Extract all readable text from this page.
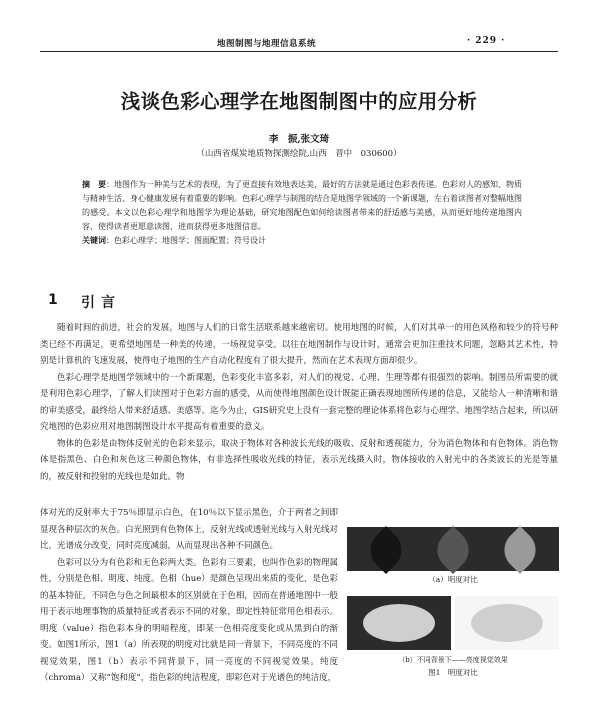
地图制图与地理信息系统	· 229 ·
浅谈色彩心理学在地图制图中的应用分析
李　振,张文琦
（山西省煤炭地质物探测绘院,山西　晋中　030600）

摘　要：地图作为一种美与艺术的表现，为了更直接有效地表达美，最好的方法就是通过色彩表传递。色彩对人的感知、物质与精神生活、身心健康发展有着重要的影响。色彩心理学与制图的结合是地图学领域的一个新课题，左右着读图者对整幅地图的感受。本文以色彩心理学和地图学为理论基础，研究地图配色如何给读图者带来的舒适感与美感，从而更好地传递地图内容，使得读者更愿意读图，进而获得更多地图信息。

关键词：色彩心理学；地图学；图面配置；符号设计

1 引言

随着时间的前进，社会的发展，地图与人们的日常生活联系越来越密切。使用地图的时候，人们对其单一的用色风格和较少的符号种类已经不再满足，更希望地图是一种美的传递，一场视觉享受。以往在地图制作与设计时，通常会更加注重技术问题，忽略其艺术性，特别是计算机的飞速发展，使得电子地图的生产自动化程度有了很大提升，然而在艺术表现方面却很少。

色彩心理学是地图学领域中的一个新课题，色彩变化丰富多彩，对人们的视觉、心理、生理等都有很强烈的影响。制图员所需要的就是利用色彩心理学，了解人们读图对于色彩方面的感受，从而使得地图颜色设计既能正确表现地图所传递的信息，又能给人一种清晰和谐的审美感受，最终给人带来舒适感、美感等。迄今为止，GIS研究史上没有一套完整的理论体系将色彩与心理学、地图学结合起来，所以研究地图的色彩应用对地图制图设计水平提高有着重要的意义。

物体的色彩是由物体反射光的色彩来显示，取决于物体对各种波长光线的吸收、反射和透视能力，分为消色物体和有色物体。消色物体是指黑色、白色和灰色这三种颜色物体，有非选择性吸收光线的特征，表示光线摄入时，物体接收的入射光中的各类波长的光是等量的，被反射和投射的光线也是如此。物

体对光的反射率大于75％即显示白色，在10％以下显示黑色，介于两者之间即显现各种层次的灰色。白光照到有色物体上，反射光线或透射光线与入射光线对比，光谱成分改变，同时亮度减弱，从而显现出各种不同颜色。

色彩可以分为有色彩和无色彩两大类。色彩有三要素，也叫作色彩的物理属性，分别是色相、明度、纯度。色相（hue）是颜色呈现出来质的变化，是色彩的基本特征，不同色与色之间最根本的区别就在于色相，因而在普通地图中一般用于表示地理事物的质量特征或者表示不同的对象，即定性特征常用色相表示。明度（value）指色彩本身的明暗程度，即某一色相亮度变化或从黑到白的渐变。如图1所示，图1（a）所表现的明度对比就是同一背景下，不同亮度的不同视觉效果，图1（b）表示不同背景下，同一亮度的不同视觉效果。纯度（chroma）又称“饱和度”，指色彩的纯洁程度，即彩色对于光谱色的纯洁度，

（a）明度对比
（b）不同背景下——亮度视觉效果
图1　明度对比
